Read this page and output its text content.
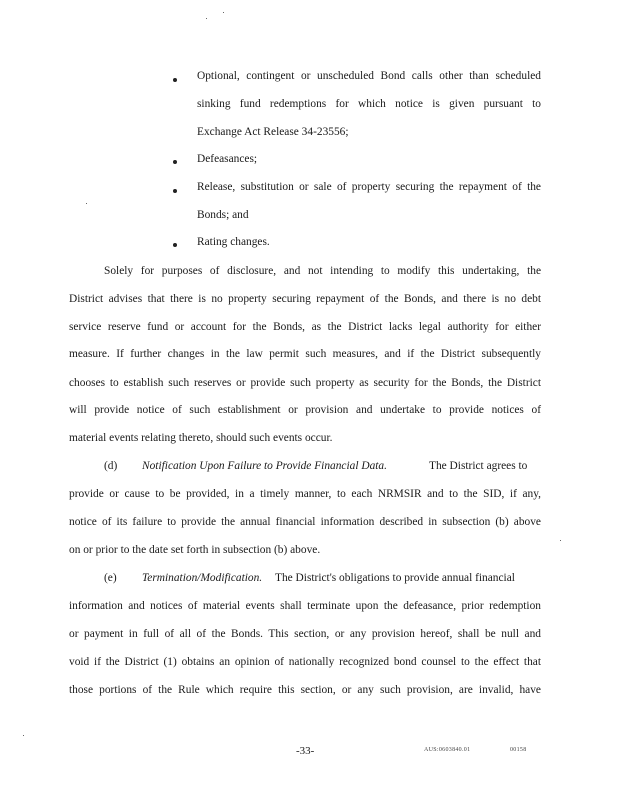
Optional, contingent or unscheduled Bond calls other than scheduled
sinking fund redemptions for which notice is given pursuant to
Exchange Act Release 34-23556;
Defeasances;
Release, substitution or sale of property securing the repayment of the
Bonds; and
Rating changes.
Solely for purposes of disclosure, and not intending to modify this undertaking, the
District advises that there is no property securing repayment of the Bonds, and there is no debt
service reserve fund or account for the Bonds, as the District lacks legal authority for either
measure. If further changes in the law permit such measures, and if the District subsequently
chooses to establish such reserves or provide such property as security for the Bonds, the District
will provide notice of such establishment or provision and undertake to provide notices of
material events relating thereto, should such events occur.
(d) Notification Upon Failure to Provide Financial Data.	The District agrees to
provide or cause to be provided, in a timely manner, to each NRMSIR and to the SID, if any,
notice of its failure to provide the annual financial information described in subsection (b) above
on or prior to the date set forth in subsection (b) above.
(e) Termination/Modification. The District's obligations to provide annual financial
information and notices of material events shall terminate upon the defeasance, prior redemption
or payment in full of all of the Bonds. This section, or any provision hereof, shall be null and
void if the District (1) obtains an opinion of nationally recognized bond counsel to the effect that
those portions of the Rule which require this section, or any such provision, are invalid, have
-33-	AUS:0603840.01	00158
